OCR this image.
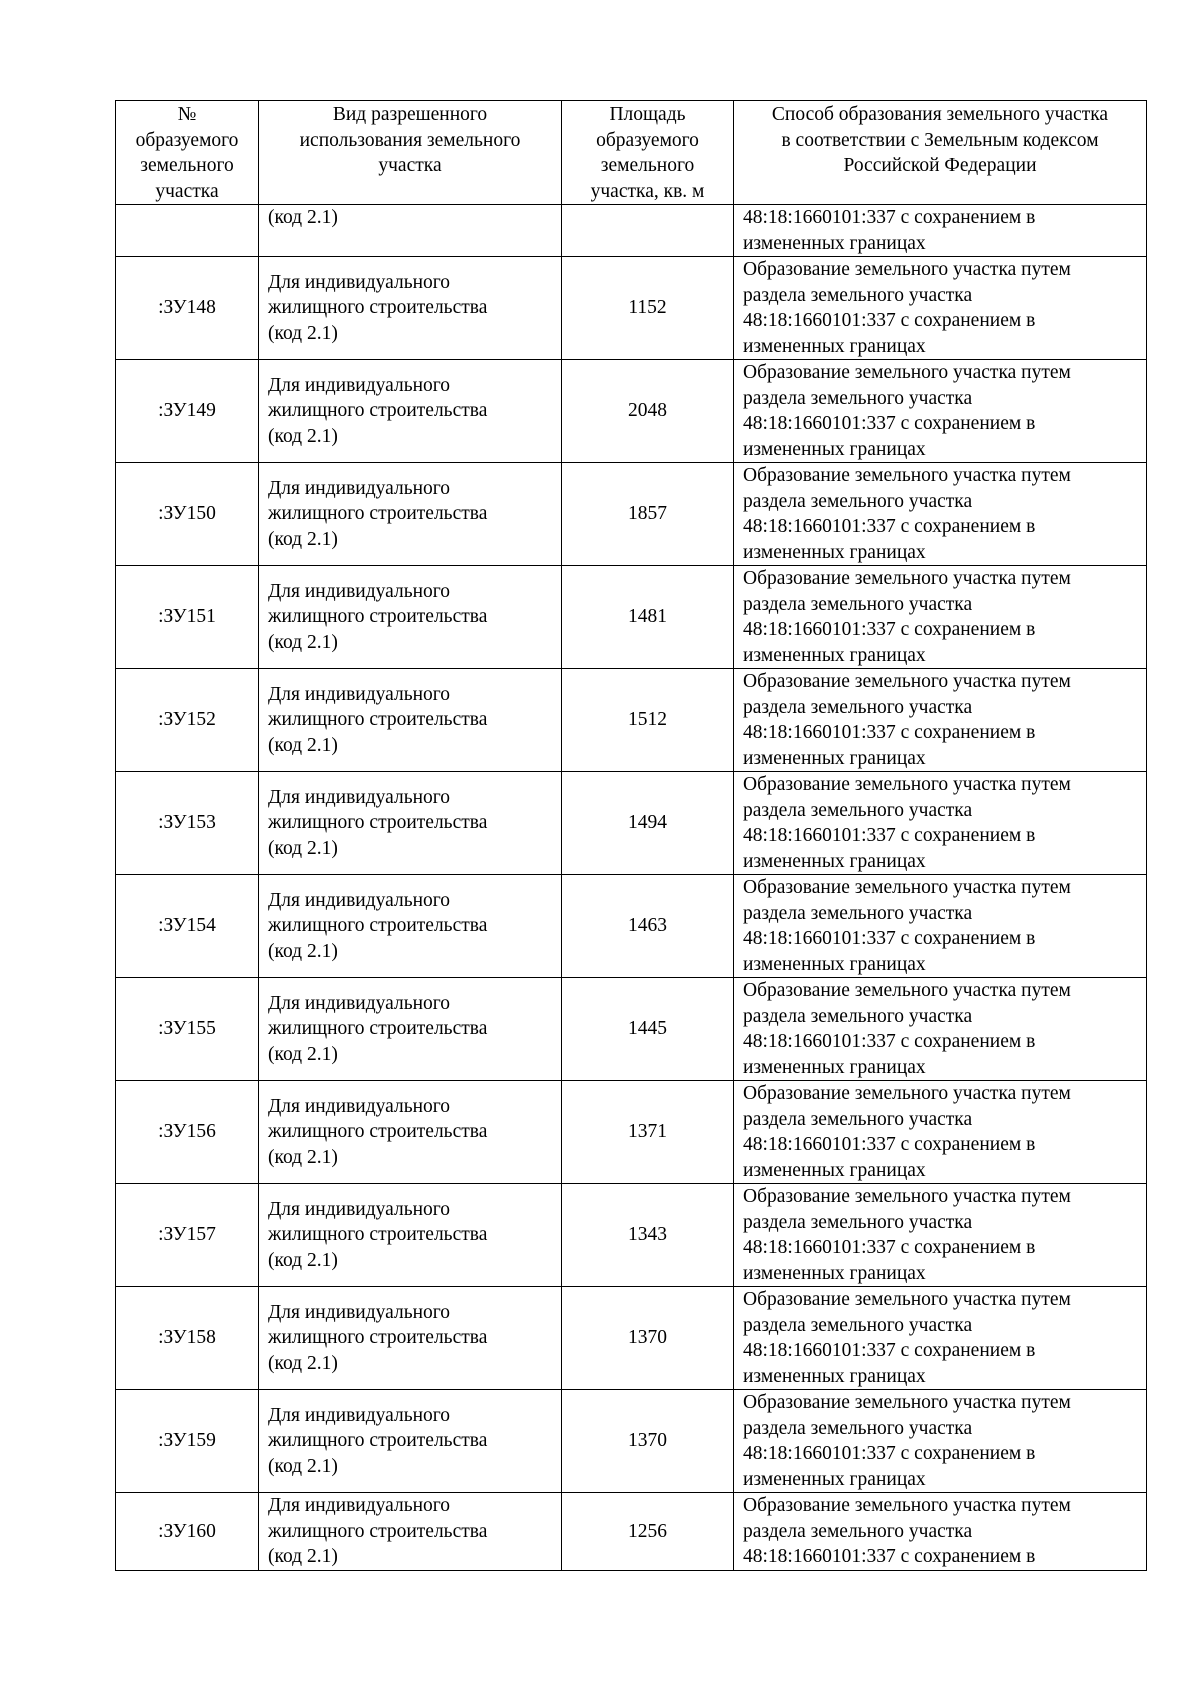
№
образуемого
земельного
участка	Вид разрешенного
использования земельного
участка	Площадь
образуемого
земельного
участка, кв. м	Способ образования земельного участка
в соответствии с Земельным кодексом
Российской Федерации

	(код 2.1)		48:18:1660101:337 с сохранением в
измененных границах

:ЗУ148	Для индивидуального
жилищного строительства
(код 2.1)	1152	Образование земельного участка путем
раздела земельного участка
48:18:1660101:337 с сохранением в
измененных границах

:ЗУ149	Для индивидуального
жилищного строительства
(код 2.1)	2048	Образование земельного участка путем
раздела земельного участка
48:18:1660101:337 с сохранением в
измененных границах

:ЗУ150	Для индивидуального
жилищного строительства
(код 2.1)	1857	Образование земельного участка путем
раздела земельного участка
48:18:1660101:337 с сохранением в
измененных границах

:ЗУ151	Для индивидуального
жилищного строительства
(код 2.1)	1481	Образование земельного участка путем
раздела земельного участка
48:18:1660101:337 с сохранением в
измененных границах

:ЗУ152	Для индивидуального
жилищного строительства
(код 2.1)	1512	Образование земельного участка путем
раздела земельного участка
48:18:1660101:337 с сохранением в
измененных границах

:ЗУ153	Для индивидуального
жилищного строительства
(код 2.1)	1494	Образование земельного участка путем
раздела земельного участка
48:18:1660101:337 с сохранением в
измененных границах

:ЗУ154	Для индивидуального
жилищного строительства
(код 2.1)	1463	Образование земельного участка путем
раздела земельного участка
48:18:1660101:337 с сохранением в
измененных границах

:ЗУ155	Для индивидуального
жилищного строительства
(код 2.1)	1445	Образование земельного участка путем
раздела земельного участка
48:18:1660101:337 с сохранением в
измененных границах

:ЗУ156	Для индивидуального
жилищного строительства
(код 2.1)	1371	Образование земельного участка путем
раздела земельного участка
48:18:1660101:337 с сохранением в
измененных границах

:ЗУ157	Для индивидуального
жилищного строительства
(код 2.1)	1343	Образование земельного участка путем
раздела земельного участка
48:18:1660101:337 с сохранением в
измененных границах

:ЗУ158	Для индивидуального
жилищного строительства
(код 2.1)	1370	Образование земельного участка путем
раздела земельного участка
48:18:1660101:337 с сохранением в
измененных границах

:ЗУ159	Для индивидуального
жилищного строительства
(код 2.1)	1370	Образование земельного участка путем
раздела земельного участка
48:18:1660101:337 с сохранением в
измененных границах

:ЗУ160	Для индивидуального
жилищного строительства
(код 2.1)	1256	Образование земельного участка путем
раздела земельного участка
48:18:1660101:337 с сохранением в
